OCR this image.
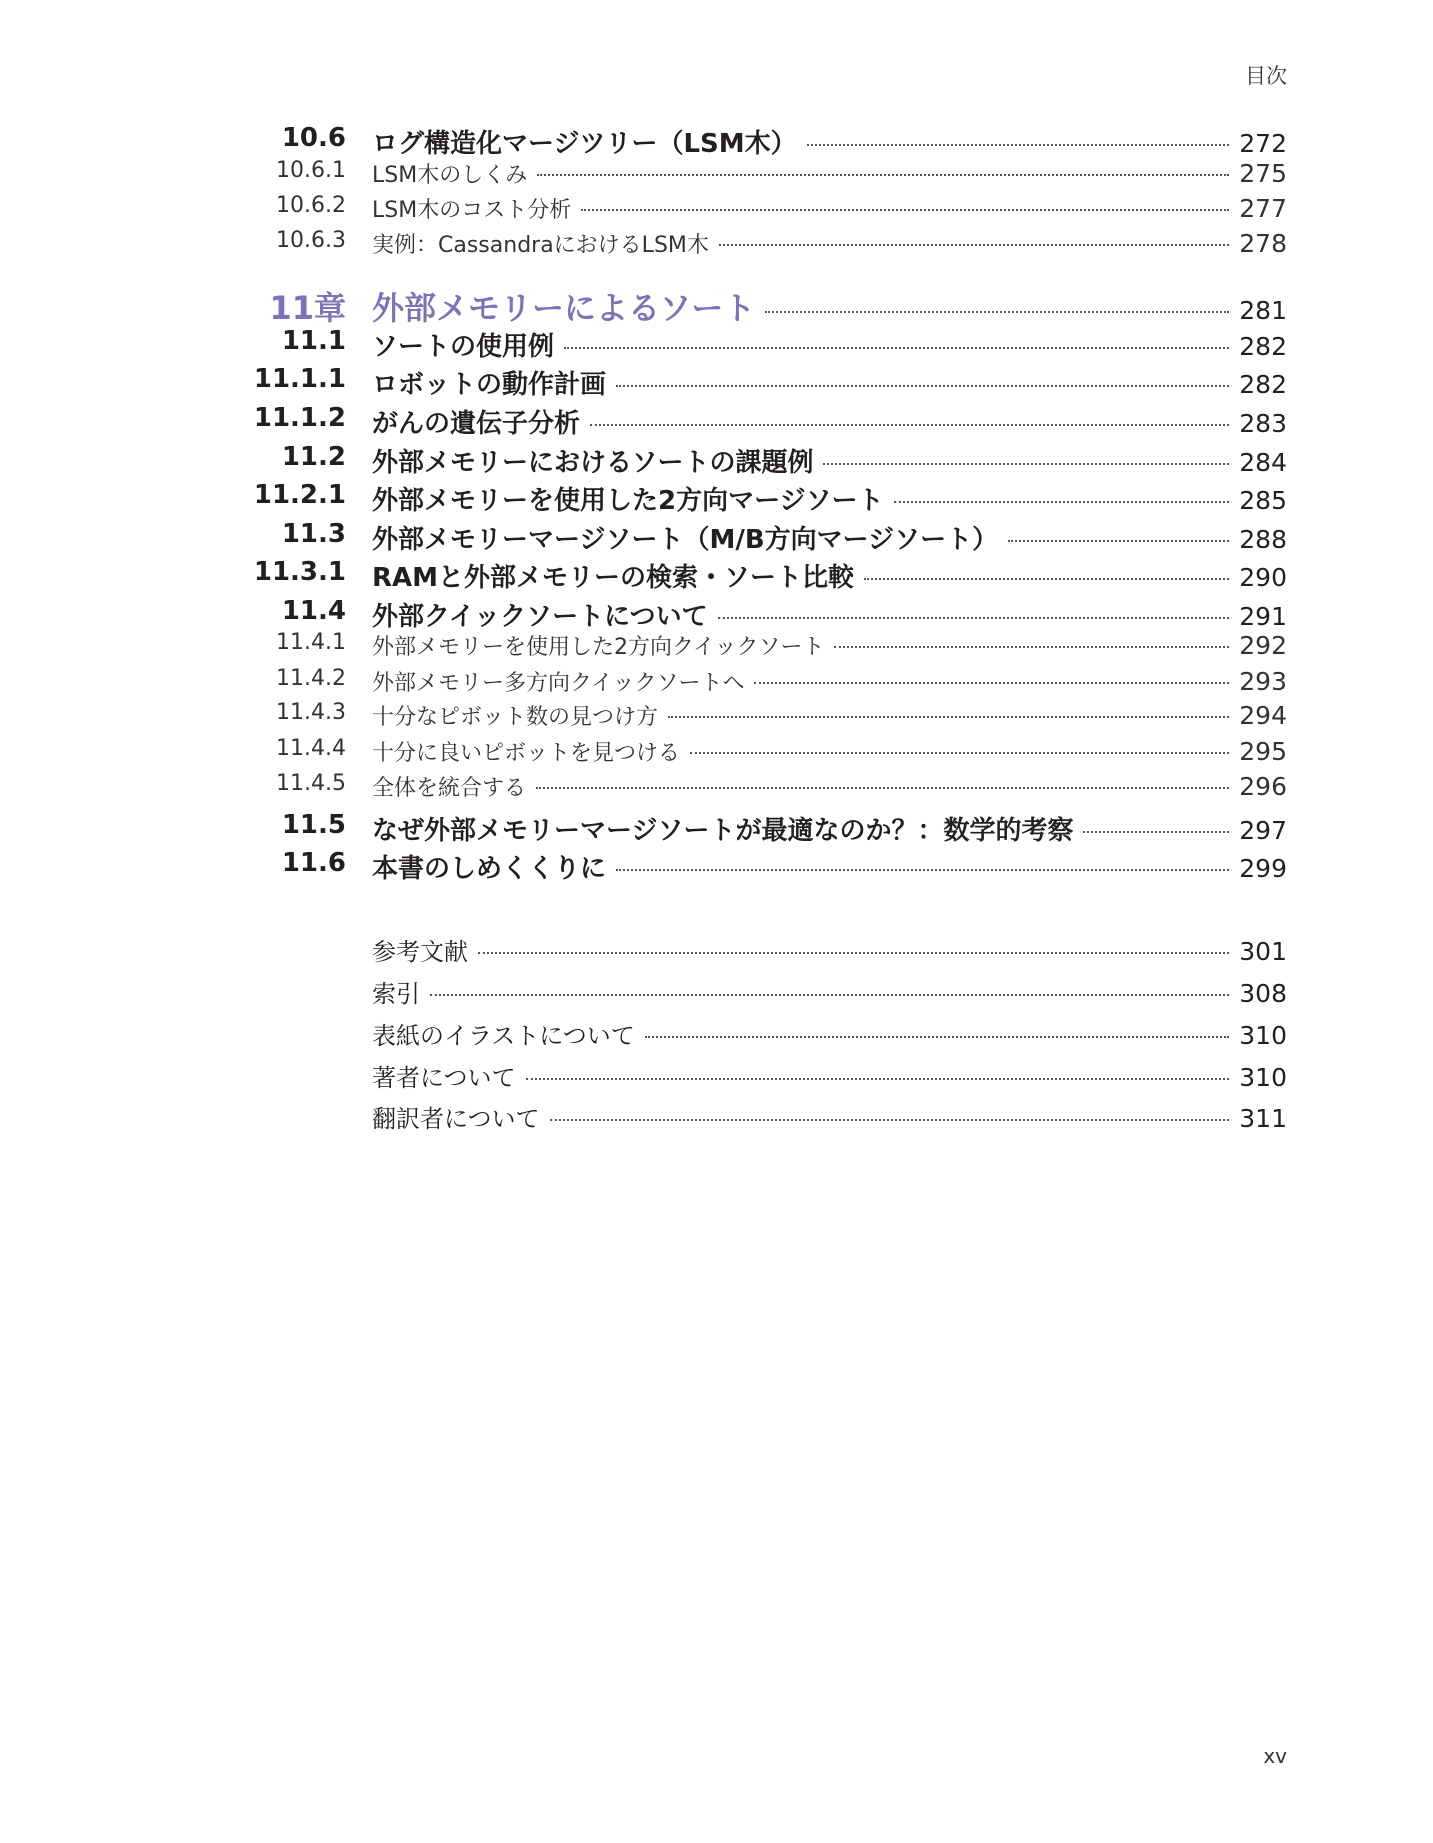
目次
10.6 ログ構造化マージツリー（LSM木）	272
10.6.1 LSM木のしくみ	275
10.6.2 LSM木のコスト分析	277
10.6.3 実例：CassandraにおけるLSM木	278
11章 外部メモリーによるソート	281
11.1 ソートの使用例	282
11.1.1 ロボットの動作計画	282
11.1.2 がんの遺伝子分析	283
11.2 外部メモリーにおけるソートの課題例	284
11.2.1 外部メモリーを使用した2方向マージソート	285
11.3 外部メモリーマージソート（M/B方向マージソート）	288
11.3.1 RAMと外部メモリーの検索・ソート比較	290
11.4 外部クイックソートについて	291
11.4.1 外部メモリーを使用した2方向クイックソート	292
11.4.2 外部メモリー多方向クイックソートへ	293
11.4.3 十分なピボット数の見つけ方	294
11.4.4 十分に良いピボットを見つける	295
11.4.5 全体を統合する	296
11.5 なぜ外部メモリーマージソートが最適なのか？：数学的考察	297
11.6 本書のしめくくりに	299
参考文献	301
索引	308
表紙のイラストについて	310
著者について	310
翻訳者について	311
xv
